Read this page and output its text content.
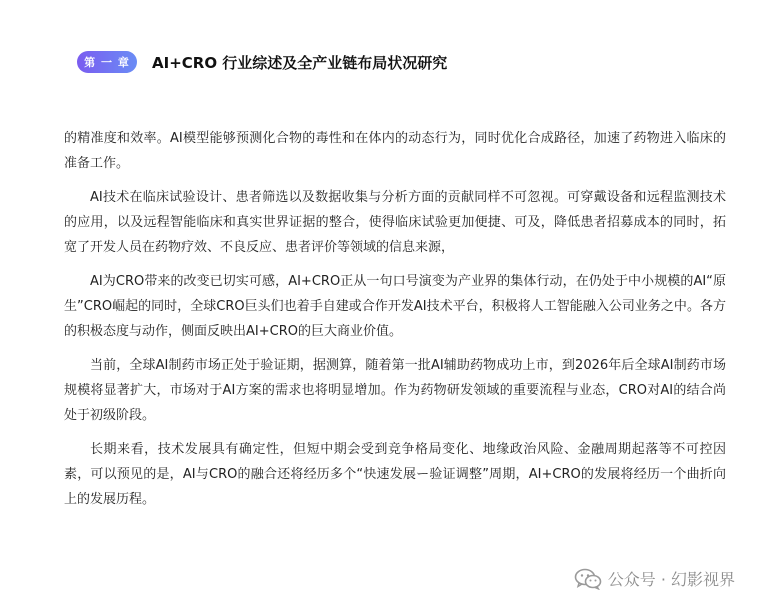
第 一 章	AI+CRO 行业综述及全产业链布局状况研究

的精准度和效率。AI模型能够预测化合物的毒性和在体内的动态行为，同时优化合成路径，加速了药物进入临床的准备工作。

AI技术在临床试验设计、患者筛选以及数据收集与分析方面的贡献同样不可忽视。可穿戴设备和远程监测技术的应用，以及远程智能临床和真实世界证据的整合，使得临床试验更加便捷、可及，降低患者招募成本的同时，拓宽了开发人员在药物疗效、不良反应、患者评价等领域的信息来源，

AI为CRO带来的改变已切实可感，AI+CRO正从一句口号演变为产业界的集体行动，在仍处于中小规模的AI“原生”CRO崛起的同时，全球CRO巨头们也着手自建或合作开发AI技术平台，积极将人工智能融入公司业务之中。各方的积极态度与动作，侧面反映出AI+CRO的巨大商业价值。

当前，全球AI制药市场正处于验证期，据测算，随着第一批AI辅助药物成功上市，到2026年后全球AI制药市场规模将显著扩大，市场对于AI方案的需求也将明显增加。作为药物研发领域的重要流程与业态，CRO对AI的结合尚处于初级阶段。

长期来看，技术发展具有确定性，但短中期会受到竞争格局变化、地缘政治风险、金融周期起落等不可控因素，可以预见的是，AI与CRO的融合还将经历多个“快速发展ー验证调整”周期，AI+CRO的发展将经历一个曲折向上的发展历程。

公众号 · 幻影视界
